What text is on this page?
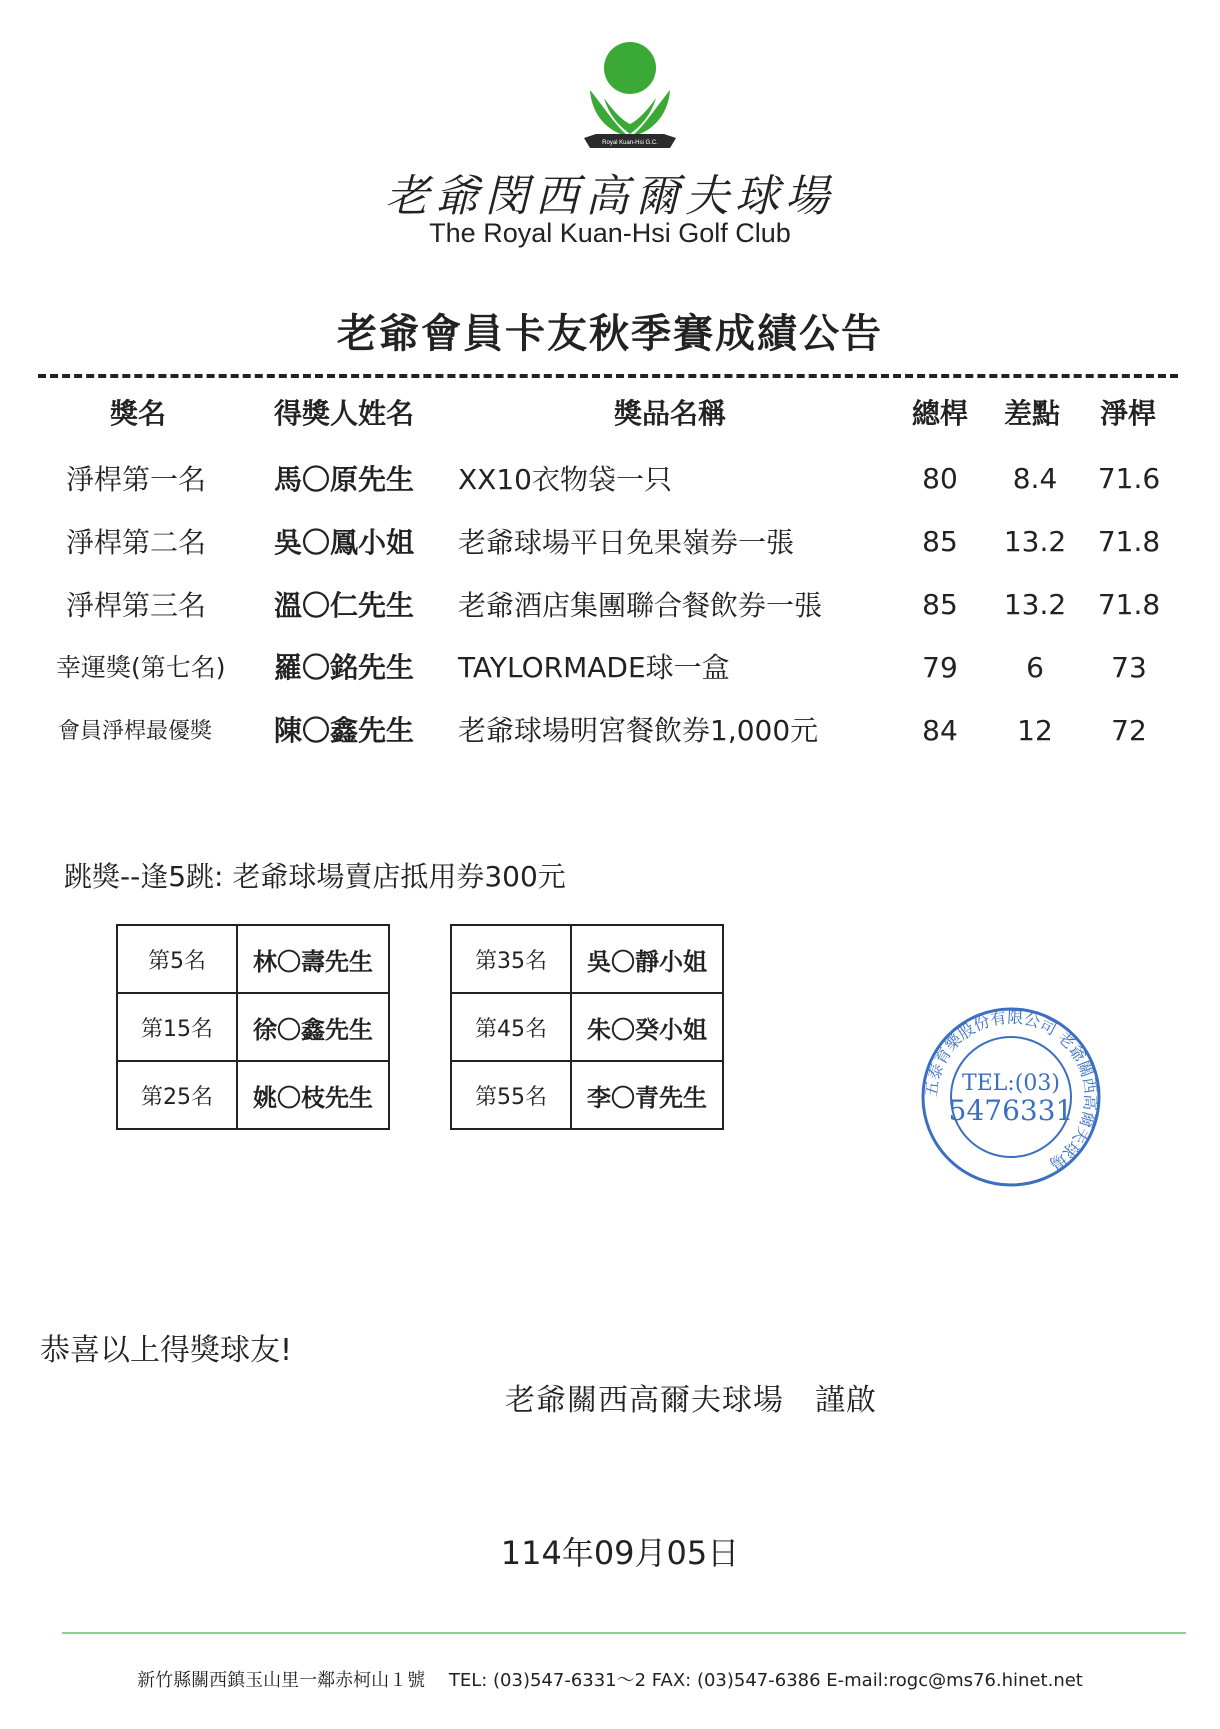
Royal Kuan-Hsi G.C.
老爺閔西高爾夫球場
The Royal Kuan-Hsi Golf Club
老爺會員卡友秋季賽成績公告
獎名	得獎人姓名	獎品名稱	總桿 差點 淨桿
淨桿第一名 馬〇原先生 XX10衣物袋一只	80	8.4	71.6
淨桿第二名 吳〇鳳小姐 老爺球場平日免果嶺券一張	85	13.2	71.8
淨桿第三名 溫〇仁先生 老爺酒店集團聯合餐飲券一張	85	13.2	71.8
幸運獎(第七名) 羅〇銘先生 TAYLORMADE球一盒	79	6	73
會員淨桿最優獎 陳〇鑫先生 老爺球場明宮餐飲券1,000元	84	12	72
跳獎--逢5跳: 老爺球場賣店抵用券300元
第5名	林〇壽先生
第15名	徐〇鑫先生
第25名	姚〇枝先生
第35名	吳〇靜小姐
第45名	朱〇癸小姐
第55名	李〇青先生	五泰育樂股份有限公司 老爺關西高爾夫球場
TEL:(03)
5476331
恭喜以上得獎球友!
老爺關西高爾夫球場　謹啟
114年09月05日
新竹縣關西鎮玉山里一鄰赤柯山１號　 TEL: (03)547-6331～2 FAX: (03)547-6386 E-mail:rogc@ms76.hinet.net
